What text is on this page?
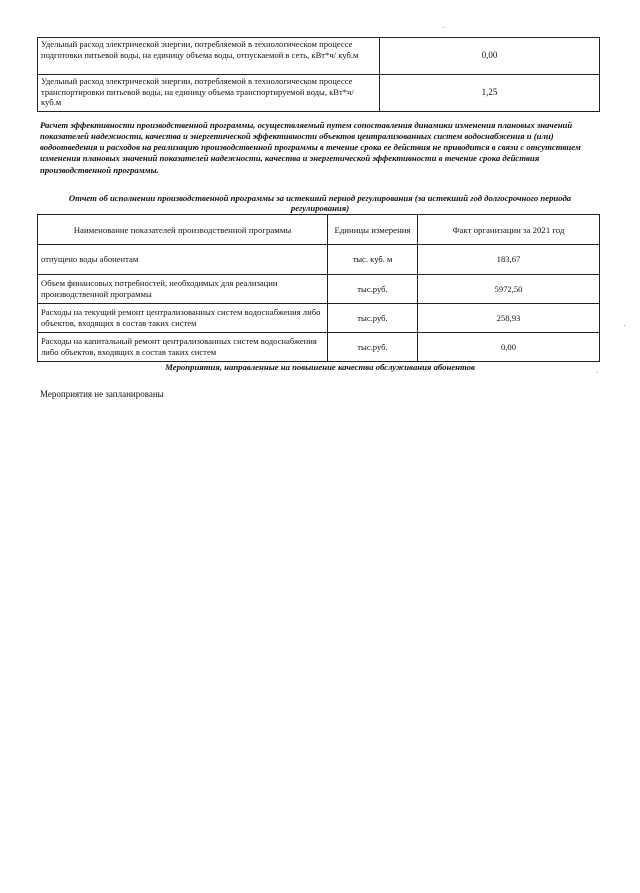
Удельный расход электрической энергии, потребляемой в технологическом процессе подготовки питьевой воды, на единицу объема воды, отпускаемой в сеть, кВт*ч/ куб.м	0,00
Удельный расход электрической энергии, потребляемой в технологическом процессе транспортировки питьевой воды, на единицу объема транспортируемой воды, кВт*ч/ куб.м	1,25
Расчет эффективности производственной программы, осуществляемый путем сопоставления динамики изменения плановых значений показателей надежности, качества и энергетической эффективности объектов централизованных систем водоснабжения и (или) водоотведения и расходов на реализацию производственной программы в течение срока ее действия не приводится в связи с отсутствием изменения плановых значений показателей надежности, качества и энергетической эффективности в течение срока действия производственной программы.
Отчет об исполнении производственной программы за истекший период регулирования (за истекший год долгосрочного периода регулирования)
Наименование показателей производственной программы	Единицы измерения	Факт организации за 2021 год
отпущено воды абонентам	тыс. куб. м	183,67
Объем финансовых потребностей, необходимых для реализации производственной программы	тыс.руб.	5972,50
Расходы на текущий ремонт централизованных систем водоснабжения либо объектов, входящих в состав таких систем	тыс.руб.	258,93
Расходы на капитальный ремонт централизованных систем водоснабжения либо объектов, входящих в состав таких систем	тыс.руб.	0,00
Мероприятия, направленные на повышение качества обслуживания абонентов
Мероприятия не запланированы
